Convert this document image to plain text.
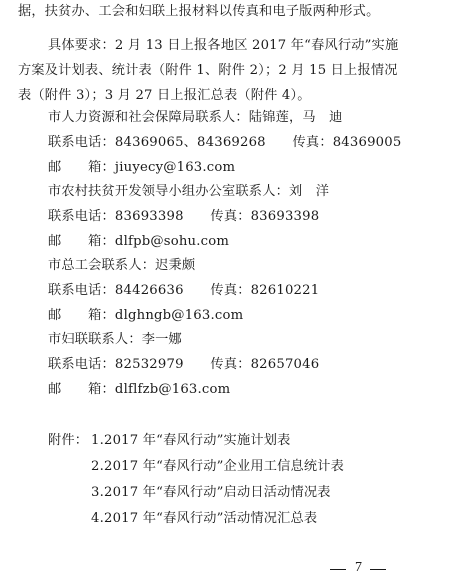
据，扶贫办、工会和妇联上报材料以传真和电子版两种形式。
具体要求：2 月 13 日上报各地区 2017 年“春风行动”实施
方案及计划表、统计表（附件 1、附件 2）；2 月 15 日上报情况
表（附件 3）；3 月 27 日上报汇总表（附件 4）。
市人力资源和社会保障局联系人：陆锦莲，马　迪
联系电话：84369065、84369268　　传真：84369005
邮　　箱：jiuyecy@163.com
市农村扶贫开发领导小组办公室联系人：刘　洋
联系电话：83693398　　传真：83693398
邮　　箱：dlfpb@sohu.com
市总工会联系人：迟秉颇
联系电话：84426636　　传真：82610221
邮　　箱：dlghngb@163.com
市妇联联系人：李一娜
联系电话：82532979　　传真：82657046
邮　　箱：dlflfzb@163.com
附件： 1.2017 年“春风行动”实施计划表
2.2017 年“春风行动”企业用工信息统计表
3.2017 年“春风行动”启动日活动情况表
4.2017 年“春风行动”活动情况汇总表
7
